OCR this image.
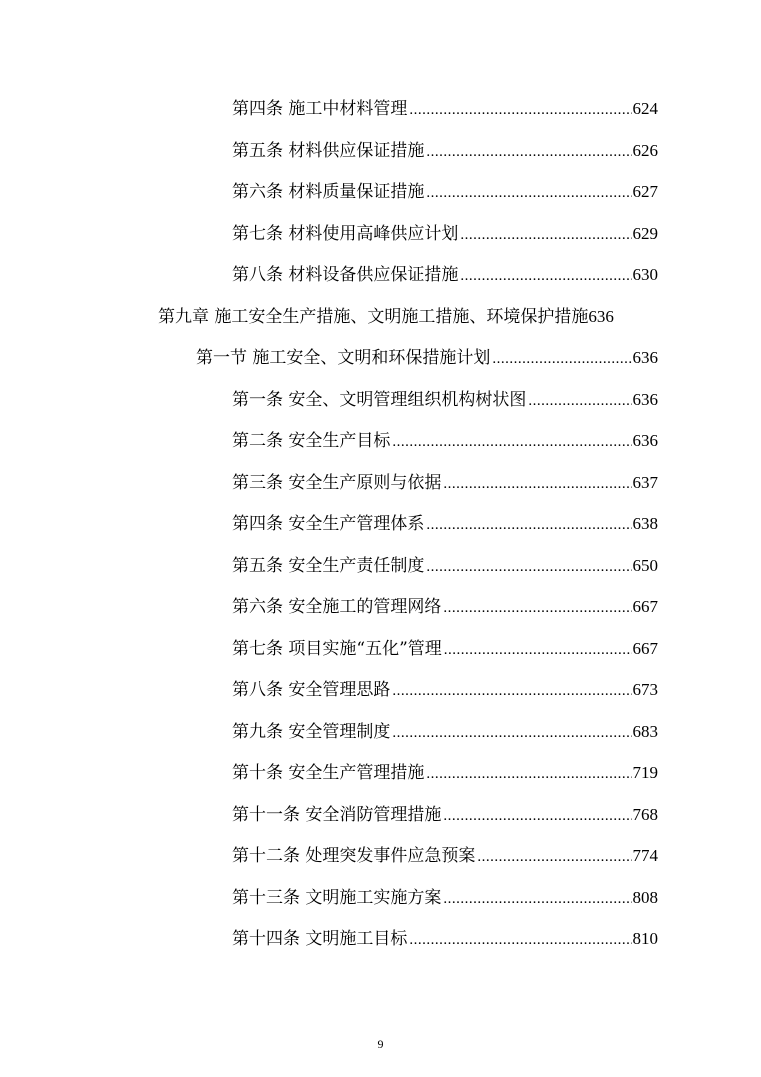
第四条 施工中材料管理 .....	624
第五条 材料供应保证措施 .....	626
第六条 材料质量保证措施 .....	627
第七条 材料使用高峰供应计划 .....	629
第八条 材料设备供应保证措施 .....	630
第九章 施工安全生产措施、文明施工措施、环境保护措施 636
第一节 施工安全、文明和环保措施计划 .....	636
第一条 安全、文明管理组织机构树状图 .....	636
第二条 安全生产目标 .....	636
第三条 安全生产原则与依据 .....	637
第四条 安全生产管理体系 .....	638
第五条 安全生产责任制度 .....	650
第六条 安全施工的管理网络 .....	667
第七条 项目实施“五化”管理 .....	667
第八条 安全管理思路 .....	673
第九条 安全管理制度 .....	683
第十条 安全生产管理措施 .....	719
第十一条 安全消防管理措施 .....	768
第十二条 处理突发事件应急预案 .....	774
第十三条 文明施工实施方案 .....	808
第十四条 文明施工目标 .....	810
9
